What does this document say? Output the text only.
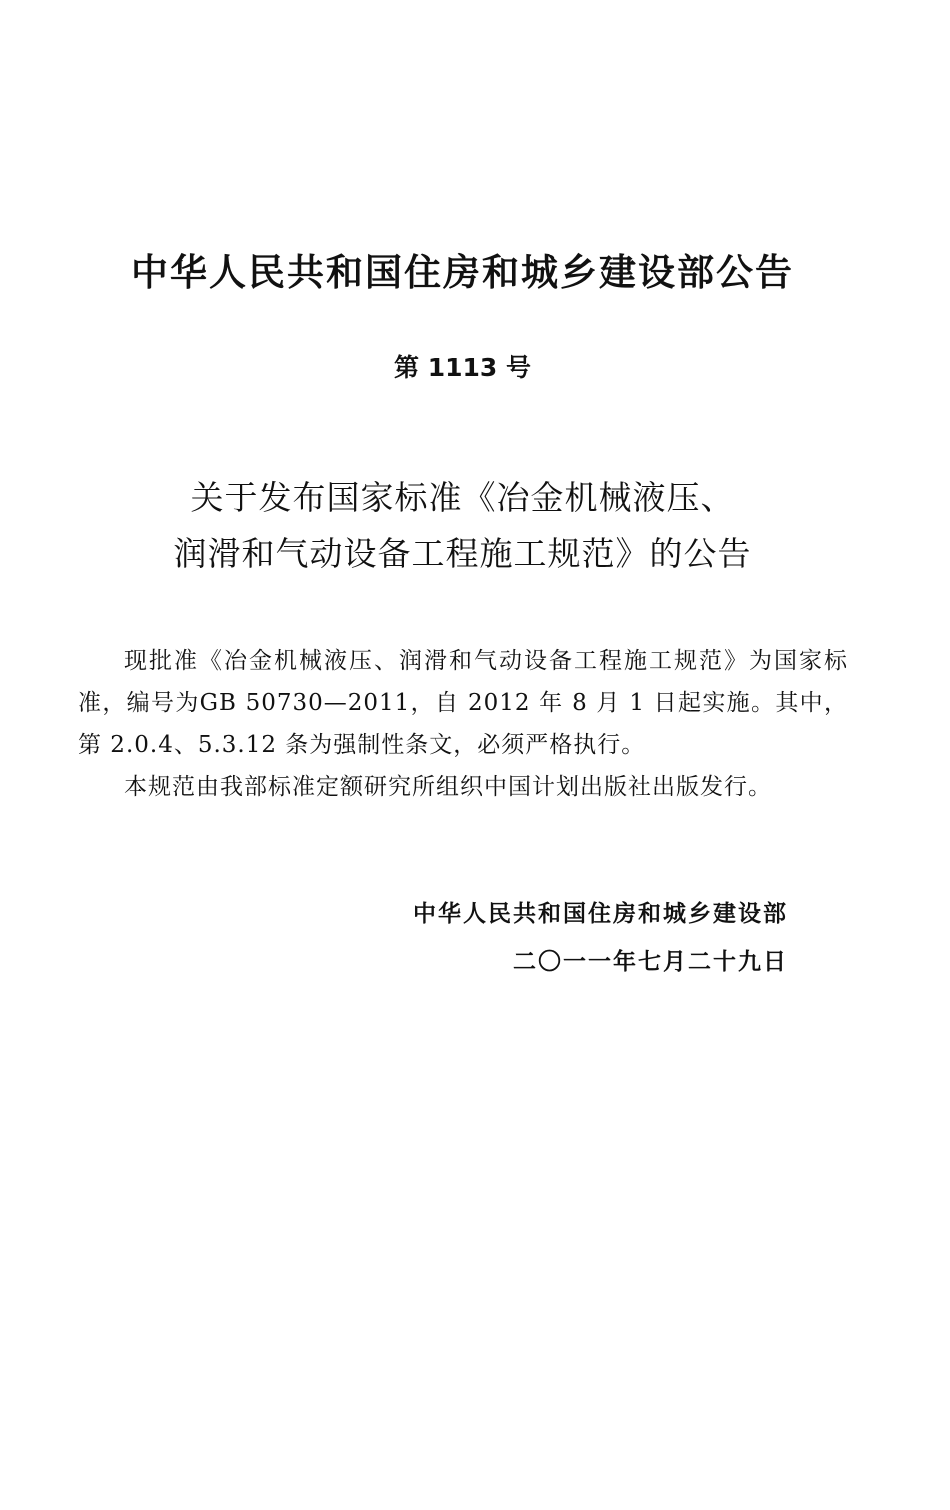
中华人民共和国住房和城乡建设部公告
第 1113 号
关于发布国家标准《冶金机械液压、
润滑和气动设备工程施工规范》的公告

现批准《冶金机械液压、润滑和气动设备工程施工规范》为国家标准，编号为GB 50730—2011，自 2012 年 8 月 1 日起实施。其中，第 2.0.4、5.3.12 条为强制性条文，必须严格执行。

本规范由我部标准定额研究所组织中国计划出版社出版发行。

中华人民共和国住房和城乡建设部
二〇一一年七月二十九日
